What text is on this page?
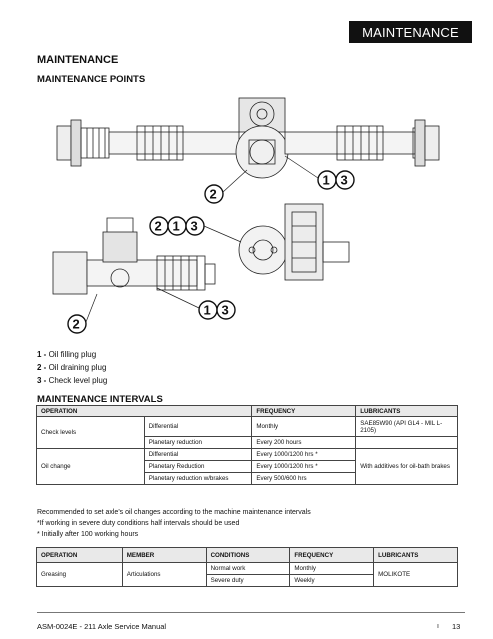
MAINTENANCE
MAINTENANCE
MAINTENANCE POINTS
2
1 3
2 1 3
1 3
2
1 - Oil filling plug
2 - Oil draining plug
3 - Check level plug
MAINTENANCE INTERVALS
OPERATION		FREQUENCY	LUBRICANTS
Check levels	Differential	Monthly	SAE85W90 (API GL4 - MIL L-2105)
	Planetary reduction	Every 200 hours	
Oil change	Differential	Every 1000/1200 hrs *	With additives for oil-bath brakes
	Planetary Reduction	Every 1000/1200 hrs *	
	Planetary reduction w/brakes	Every 500/600 hrs	
Recommended to set axle's oil changes according to the machine maintenance intervals
*If working in severe duty conditions half intervals should be used
* Initially after 100 working hours
OPERATION	MEMBER	CONDITIONS	FREQUENCY	LUBRICANTS
Greasing	Articulations	Normal work	Monthly	MOLIKOTE
		Severe duty	Weekly	
ASM-0024E - 211 Axle Service Manual	ı 13
